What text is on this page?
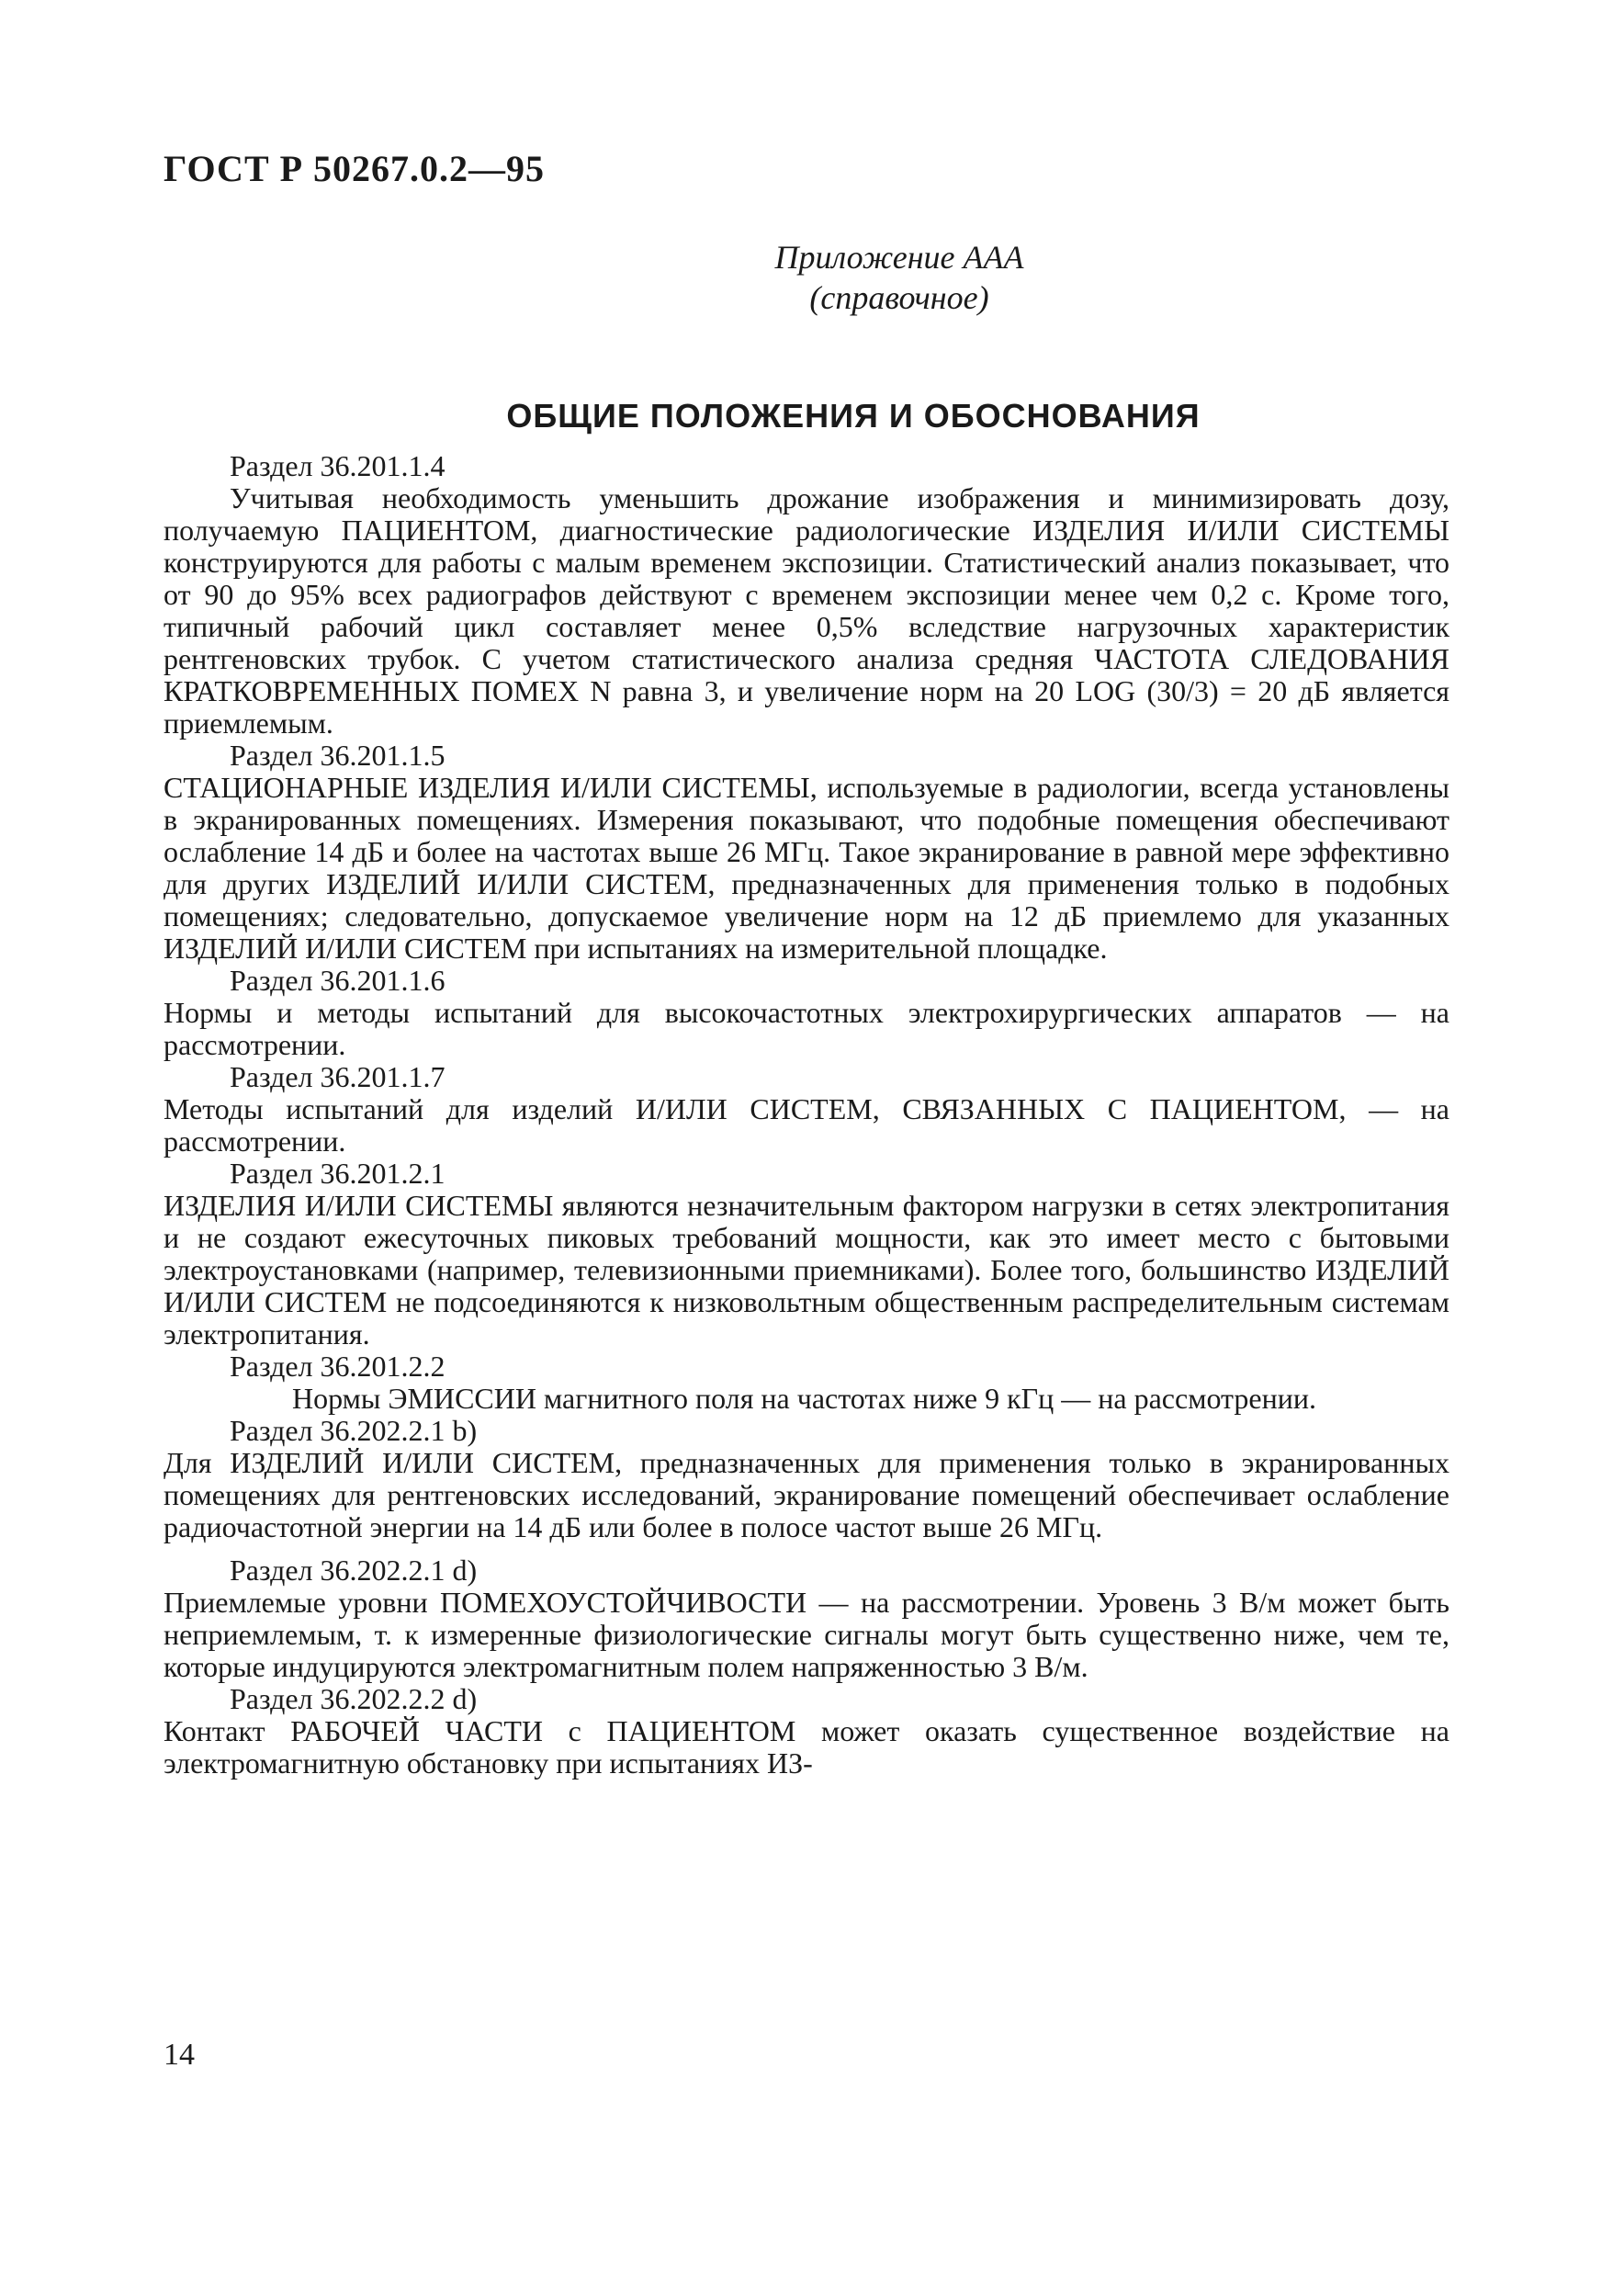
ГОСТ Р 50267.0.2—95
Приложение ААА
(справочное)
ОБЩИЕ ПОЛОЖЕНИЯ И ОБОСНОВАНИЯ
Раздел 36.201.1.4

Учитывая необходимость уменьшить дрожание изображения и минимизировать дозу, получаемую ПАЦИЕНТОМ, диагностические радиологические ИЗДЕЛИЯ И/ИЛИ СИСТЕМЫ конструируются для работы с малым временем экспозиции. Статистический анализ показывает, что от 90 до 95% всех радиографов действуют с временем экспозиции менее чем 0,2 с. Кроме того, типичный рабочий цикл составляет менее 0,5% вследствие нагрузочных характеристик рентгеновских трубок. С учетом статистического анализа средняя ЧАСТОТА СЛЕДОВАНИЯ КРАТКОВРЕМЕННЫХ ПОМЕХ N равна 3, и увеличение норм на 20 LOG (30/3) = 20 дБ является приемлемым.

Раздел 36.201.1.5

СТАЦИОНАРНЫЕ ИЗДЕЛИЯ И/ИЛИ СИСТЕМЫ, используемые в радиологии, всегда установлены в экранированных помещениях. Измерения показывают, что подобные помещения обеспечивают ослабление 14 дБ и более на частотах выше 26 МГц. Такое экранирование в равной мере эффективно для других ИЗДЕЛИЙ И/ИЛИ СИСТЕМ, предназначенных для применения только в подобных помещениях; следовательно, допускаемое увеличение норм на 12 дБ приемлемо для указанных ИЗДЕЛИЙ И/ИЛИ СИСТЕМ при испытаниях на измерительной площадке.

Раздел 36.201.1.6

Нормы и методы испытаний для высокочастотных электрохирургических аппаратов — на рассмотрении.

Раздел 36.201.1.7

Методы испытаний для изделий И/ИЛИ СИСТЕМ, СВЯЗАННЫХ С ПАЦИЕНТОМ, — на рассмотрении.

Раздел 36.201.2.1

ИЗДЕЛИЯ И/ИЛИ СИСТЕМЫ являются незначительным фактором нагрузки в сетях электропитания и не создают ежесуточных пиковых требований мощности, как это имеет место с бытовыми электроустановками (например, телевизионными приемниками). Более того, большинство ИЗДЕЛИЙ И/ИЛИ СИСТЕМ не подсоединяются к низковольтным общественным распределительным системам электропитания.

Раздел 36.201.2.2

Нормы ЭМИССИИ магнитного поля на частотах ниже 9 кГц — на рассмотрении.

Раздел 36.202.2.1 b)

Для ИЗДЕЛИЙ И/ИЛИ СИСТЕМ, предназначенных для применения только в экранированных помещениях для рентгеновских исследований, экранирование помещений обеспечивает ослабление радиочастотной энергии на 14 дБ или более в полосе частот выше 26 МГц.

Раздел 36.202.2.1 d)

Приемлемые уровни ПОМЕХОУСТОЙЧИВОСТИ — на рассмотрении. Уровень 3 В/м может быть неприемлемым, т. к измеренные физиологические сигналы могут быть существенно ниже, чем те, которые индуцируются электромагнитным полем напряженностью 3 В/м.

Раздел 36.202.2.2 d)

Контакт РАБОЧЕЙ ЧАСТИ с ПАЦИЕНТОМ может оказать существенное воздействие на электромагнитную обстановку при испытаниях ИЗ-

14
